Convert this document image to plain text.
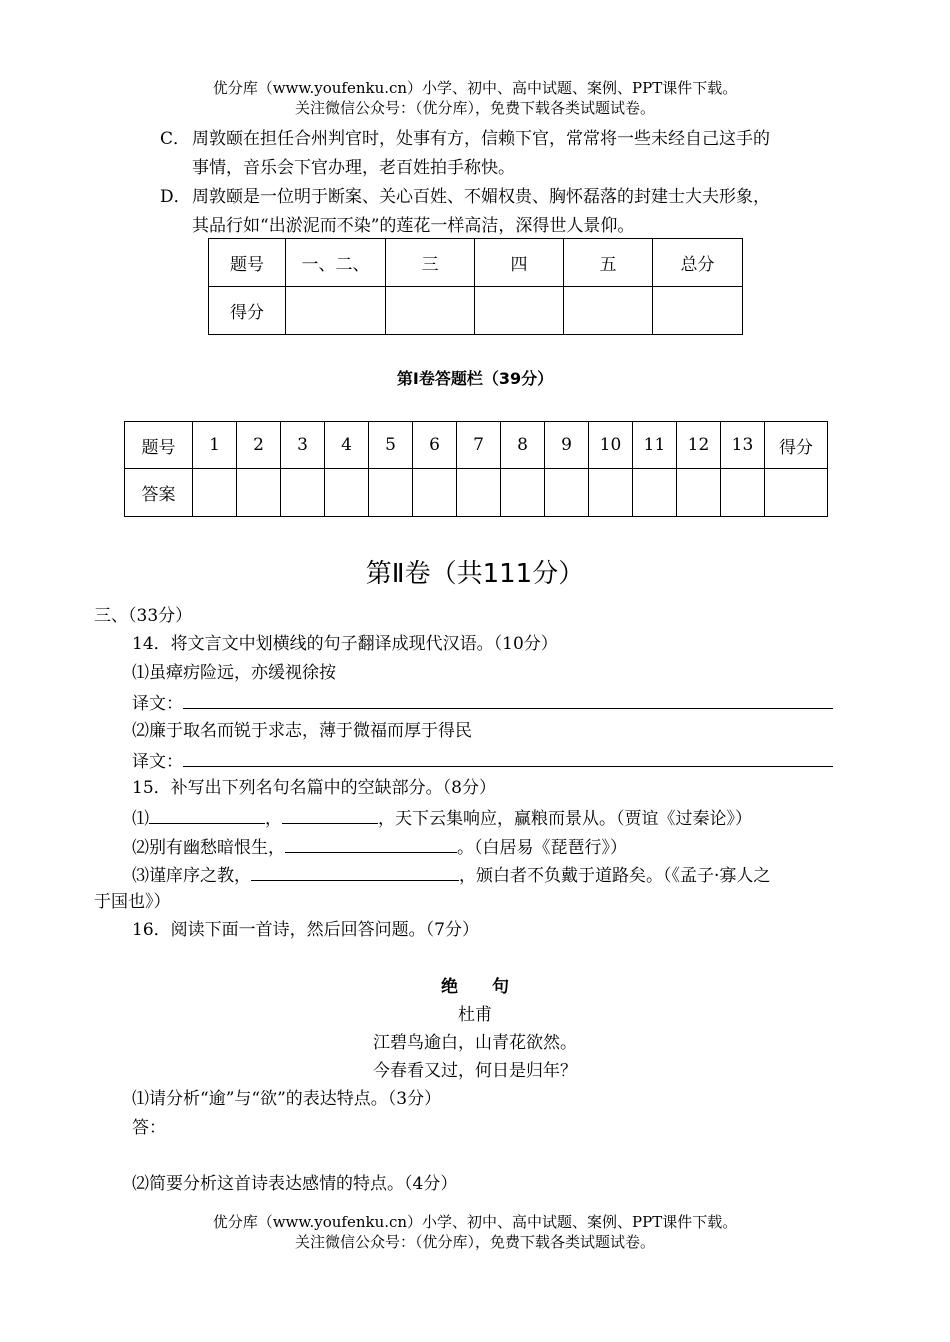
优分库（www.youfenku.cn）小学、初中、高中试题、案例、PPT课件下载。
关注微信公众号：（优分库），免费下载各类试题试卷。
C． 周敦颐在担任合州判官时，处事有方，信赖下官，常常将一些未经自己这手的
事情，音乐会下官办理，老百姓拍手称快。
D． 周敦颐是一位明于断案、关心百姓、不媚权贵、胸怀磊落的封建士大夫形象，
其品行如“出淤泥而不染”的莲花一样高洁，深得世人景仰。
题号	一、二、	三	四	五	总分
得分					
第Ⅰ卷答题栏（39分）
题号	1	2	3	4	5	6	7	8	9	10	11	12	13	得分
答案														
第Ⅱ卷（共111分）
三、（33分）
14．将文言文中划横线的句子翻译成现代汉语。（10分）
⑴虽瘴疠险远，亦缓视徐按
译文：
⑵廉于取名而锐于求志，薄于微福而厚于得民
译文：
15．补写出下列名句名篇中的空缺部分。（8分）
⑴	，	，天下云集响应，赢粮而景从。（贾谊《过秦论》）
⑵别有幽愁暗恨生，	。（白居易《琵琶行》）
⑶谨庠序之教，	，颁白者不负戴于道路矣。（《孟子·寡人之
于国也》）
16．阅读下面一首诗，然后回答问题。（7分）
绝　　句
杜甫
江碧鸟逾白，山青花欲然。
今春看又过，何日是归年？
⑴请分析“逾”与“欲”的表达特点。（3分）
答：
⑵简要分析这首诗表达感情的特点。（4分）
优分库（www.youfenku.cn）小学、初中、高中试题、案例、PPT课件下载。
关注微信公众号：（优分库），免费下载各类试题试卷。
